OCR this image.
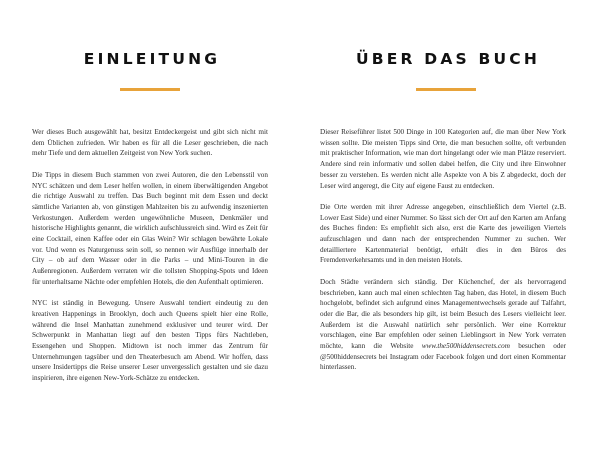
EINLEITUNG

Wer dieses Buch ausgewählt hat, besitzt Entdeckergeist und gibt sich nicht mit dem Üblichen zufrieden. Wir haben es für all die Leser geschrieben, die nach mehr Tiefe und dem aktuellen Zeitgeist von New York suchen.

Die Tipps in diesem Buch stammen von zwei Autoren, die den Lebensstil von NYC schätzen und dem Leser helfen wollen, in einem überwältigenden Angebot die richtige Auswahl zu treffen. Das Buch beginnt mit dem Essen und deckt sämtliche Varianten ab, von günstigen Mahlzeiten bis zu aufwendig inszenierten Verkostungen. Außerdem werden ungewöhnliche Museen, Denkmäler und historische Highlights genannt, die wirklich aufschlussreich sind. Wird es Zeit für eine Cocktail, einen Kaffee oder ein Glas Wein? Wir schlagen bewährte Lokale vor. Und wenn es Naturgenuss sein soll, so nennen wir Ausflüge innerhalb der City – ob auf dem Wasser oder in die Parks – und Mini-Touren in die Außenregionen. Außerdem verraten wir die tollsten Shopping-Spots und Ideen für unterhaltsame Nächte oder empfehlen Hotels, die den Aufenthalt optimieren.

NYC ist ständig in Bewegung. Unsere Auswahl tendiert eindeutig zu den kreativen Happenings in Brooklyn, doch auch Queens spielt hier eine Rolle, während die Insel Manhattan zunehmend exklusiver und teurer wird. Der Schwerpunkt in Manhattan liegt auf den besten Tipps fürs Nachtleben, Essengehen und Shoppen. Midtown ist noch immer das Zentrum für Unternehmungen tagsüber und den Theaterbesuch am Abend. Wir hoffen, dass unsere Insidertipps die Reise unserer Leser unvergesslich gestalten und sie dazu inspirieren, ihre eigenen New-York-Schätze zu entdecken.

ÜBER DAS BUCH

Dieser Reiseführer listet 500 Dinge in 100 Kategorien auf, die man über New York wissen sollte. Die meisten Tipps sind Orte, die man besuchen sollte, oft verbunden mit praktischer Information, wie man dort hingelangt oder wie man Plätze reserviert. Andere sind rein informativ und sollen dabei helfen, die City und ihre Einwohner besser zu verstehen. Es werden nicht alle Aspekte von A bis Z abgedeckt, doch der Leser wird angeregt, die City auf eigene Faust zu entdecken.

Die Orte werden mit ihrer Adresse angegeben, einschließlich dem Viertel (z.B. Lower East Side) und einer Nummer. So lässt sich der Ort auf den Karten am Anfang des Buches finden: Es empfiehlt sich also, erst die Karte des jeweiligen Viertels aufzuschlagen und dann nach der entsprechenden Nummer zu suchen. Wer detailliertere Kartenmaterial benötigt, erhält dies in den Büros des Fremdenverkehrsamts und in den meisten Hotels.

Doch Städte verändern sich ständig. Der Küchenchef, der als hervorragend beschrieben, kann auch mal einen schlechten Tag haben, das Hotel, in diesem Buch hochgelobt, befindet sich aufgrund eines Managementwechsels gerade auf Talfahrt, oder die Bar, die als besonders hip gilt, ist beim Besuch des Lesers vielleicht leer. Außerdem ist die Auswahl natürlich sehr persönlich. Wer eine Korrektur vorschlagen, eine Bar empfehlen oder seinen Lieblingsort in New York verraten möchte, kann die Website www.the500hiddensecrets.com besuchen oder @500hiddensecrets bei Instagram oder Facebook folgen und dort einen Kommentar hinterlassen.
